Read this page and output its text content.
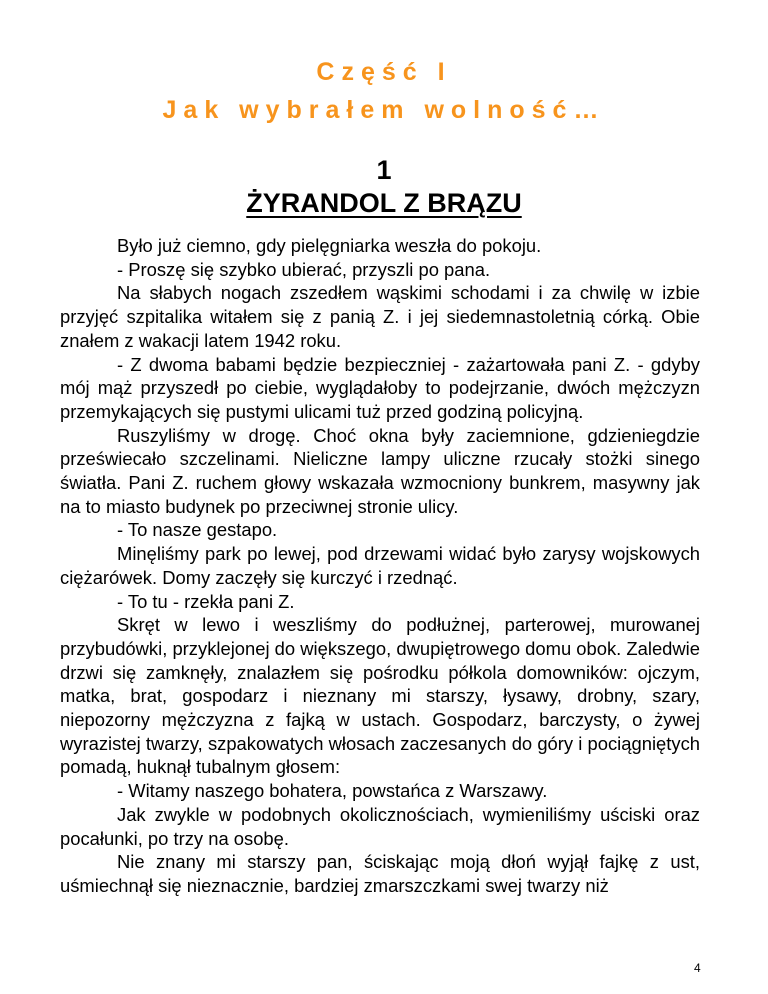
Część I
Jak wybrałem wolność…
1
ŻYRANDOL Z BRĄZU

Było już ciemno, gdy pielęgniarka weszła do pokoju.

- Proszę się szybko ubierać, przyszli po pana.

Na słabych nogach zszedłem wąskimi schodami i za chwilę w izbie przyjęć szpitalika witałem się z panią Z. i jej siedemnastoletnią córką. Obie znałem z wakacji latem 1942 roku.

- Z dwoma babami będzie bezpieczniej - zażartowała pani Z. - gdyby mój mąż przyszedł po ciebie, wyglądałoby to podejrzanie, dwóch mężczyzn przemykających się pustymi ulicami tuż przed godziną policyjną.

Ruszyliśmy w drogę. Choć okna były zaciemnione, gdzieniegdzie przeświecało szczelinami. Nieliczne lampy uliczne rzucały stożki sinego światła. Pani Z. ruchem głowy wskazała wzmocniony bunkrem, masywny jak na to miasto budynek po przeciwnej stronie ulicy.

- To nasze gestapo.

Minęliśmy park po lewej, pod drzewami widać było zarysy wojskowych ciężarówek. Domy zaczęły się kurczyć i rzednąć.

- To tu - rzekła pani Z.

Skręt w lewo i weszliśmy do podłużnej, parterowej, murowanej przybudówki, przyklejonej do większego, dwupiętrowego domu obok. Zaledwie drzwi się zamknęły, znalazłem się pośrodku półkola domowników: ojczym, matka, brat, gospodarz i nieznany mi starszy, łysawy, drobny, szary, niepozorny mężczyzna z fajką w ustach. Gospodarz, barczysty, o żywej wyrazistej twarzy, szpakowatych włosach zaczesanych do góry i pociągniętych pomadą, huknął tubalnym głosem:

- Witamy naszego bohatera, powstańca z Warszawy.

Jak zwykle w podobnych okolicznościach, wymieniliśmy uściski oraz pocałunki, po trzy na osobę.

Nie znany mi starszy pan, ściskając moją dłoń wyjął fajkę z ust, uśmiechnął się nieznacznie, bardziej zmarszczkami swej twarzy niż

4
